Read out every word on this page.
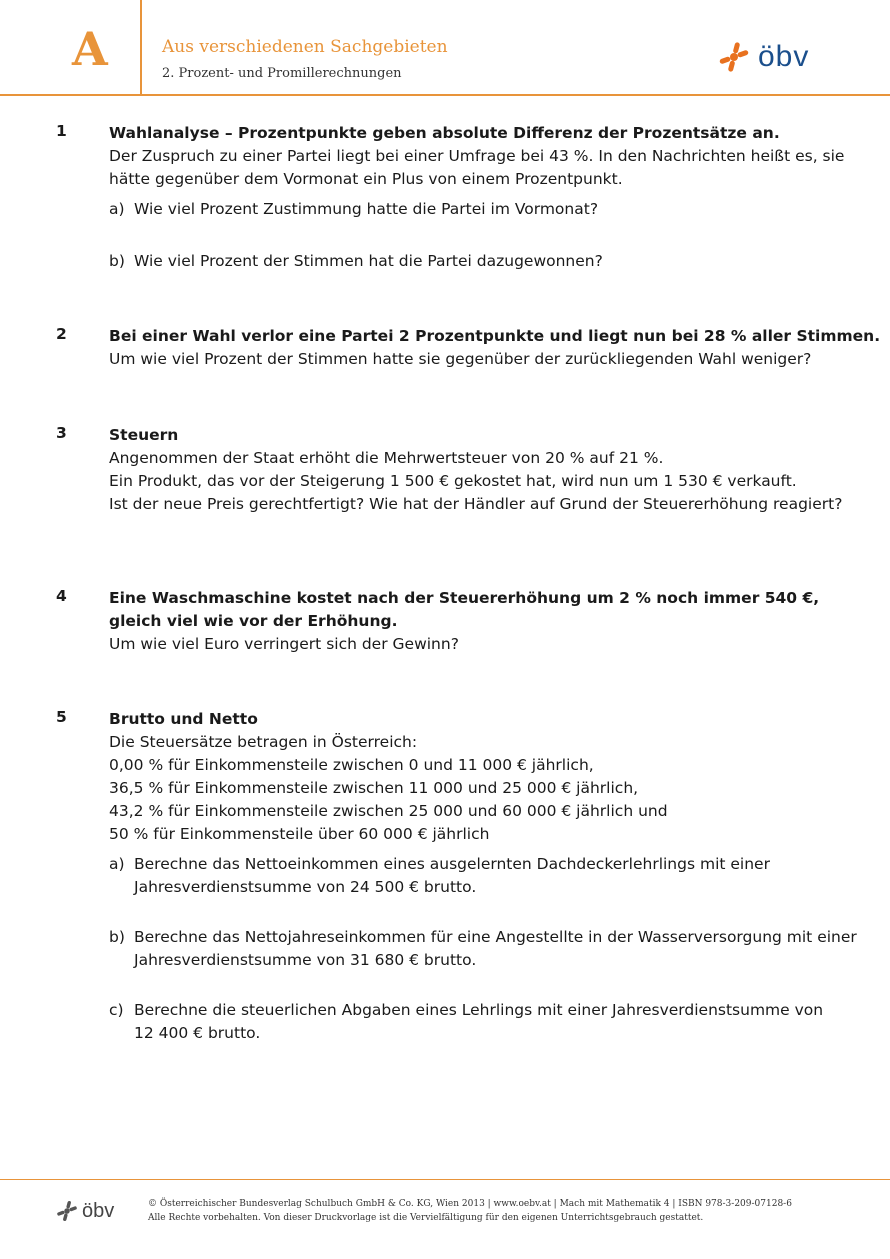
A	Aus verschiedenen Sachgebieten
2. Prozent- und Promillerechnungen
öbv
1	Wahlanalyse – Prozentpunkte geben absolute Differenz der Prozentsätze an.
Der Zuspruch zu einer Partei liegt bei einer Umfrage bei 43 %. In den Nachrichten heißt es, sie
hätte gegenüber dem Vormonat ein Plus von einem Prozentpunkt.
a) Wie viel Prozent Zustimmung hatte die Partei im Vormonat?
b) Wie viel Prozent der Stimmen hat die Partei dazugewonnen?
2	Bei einer Wahl verlor eine Partei 2 Prozentpunkte und liegt nun bei 28 % aller Stimmen.
Um wie viel Prozent der Stimmen hatte sie gegenüber der zurückliegenden Wahl weniger?
3	Steuern
Angenommen der Staat erhöht die Mehrwertsteuer von 20 % auf 21 %.
Ein Produkt, das vor der Steigerung 1 500 € gekostet hat, wird nun um 1 530 € verkauft.
Ist der neue Preis gerechtfertigt? Wie hat der Händler auf Grund der Steuererhöhung reagiert?
4	Eine Waschmaschine kostet nach der Steuererhöhung um 2 % noch immer 540 €,
gleich viel wie vor der Erhöhung.
Um wie viel Euro verringert sich der Gewinn?
5	Brutto und Netto
Die Steuersätze betragen in Österreich:
0,00 % für Einkommensteile zwischen 0 und 11 000 € jährlich,
36,5 % für Einkommensteile zwischen 11 000 und 25 000 € jährlich,
43,2 % für Einkommensteile zwischen 25 000 und 60 000 € jährlich und
50 % für Einkommensteile über 60 000 € jährlich
a) Berechne das Nettoeinkommen eines ausgelernten Dachdeckerlehrlings mit einer
Jahresverdienstsumme von 24 500 € brutto.
b) Berechne das Nettojahreseinkommen für eine Angestellte in der Wasserversorgung mit einer
Jahresverdienstsumme von 31 680 € brutto.
c) Berechne die steuerlichen Abgaben eines Lehrlings mit einer Jahresverdienstsumme von
12 400 € brutto.
öbv	© Österreichischer Bundesverlag Schulbuch GmbH & Co. KG, Wien 2013 | www.oebv.at | Mach mit Mathematik 4 | ISBN 978-3-209-07128-6
Alle Rechte vorbehalten. Von dieser Druckvorlage ist die Vervielfältigung für den eigenen Unterrichtsgebrauch gestattet.
